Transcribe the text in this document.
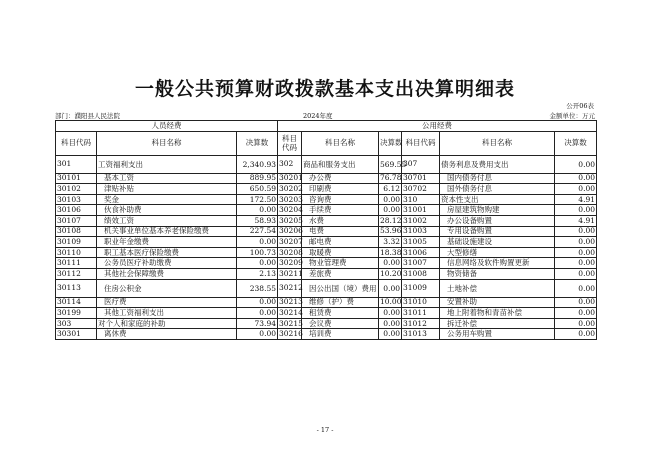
一般公共预算财政拨款基本支出决算明细表
公开06表
部门：濮阳县人民法院	2024年度	金额单位：万元
人员经费			公用经费					
科目代码	科目名称	决算数	科目代码	科目名称	决算数	科目代码	科目名称	决算数
301	工资福利支出	2,340.93	302	商品和服务支出	569.55	307	债务利息及费用支出	0.00
30101	基本工资	889.95	30201	办公费	76.78	30701	国内债务付息	0.00
30102	津贴补贴	650.59	30202	印刷费	6.12	30702	国外债务付息	0.00
30103	奖金	172.50	30203	咨询费	0.00	310	资本性支出	4.91
30106	伙食补助费	0.00	30204	手续费	0.00	31001	房屋建筑物购建	0.00
30107	绩效工资	58.93	30205	水费	28.12	31002	办公设备购置	4.91
30108	机关事业单位基本养老保险缴费	227.54	30206	电费	53.96	31003	专用设备购置	0.00
30109	职业年金缴费	0.00	30207	邮电费	3.32	31005	基础设施建设	0.00
30110	职工基本医疗保险缴费	100.73	30208	取暖费	18.38	31006	大型修缮	0.00
30111	公务员医疗补助缴费	0.00	30209	物业管理费	0.00	31007	信息网络及软件购置更新	0.00
30112	其他社会保障缴费	2.13	30211	差旅费	10.20	31008	物资储备	0.00
30113	住房公积金	238.55	30212	因公出国（境）费用	0.00	31009	土地补偿	0.00
30114	医疗费	0.00	30213	维修（护）费	10.00	31010	安置补助	0.00
30199	其他工资福利支出	0.00	30214	租赁费	0.00	31011	地上附着物和青苗补偿	0.00
303	对个人和家庭的补助	73.94	30215	会议费	0.00	31012	拆迁补偿	0.00
30301	离休费	0.00	30216	培训费	0.00	31013	公务用车购置	0.00
- 17 -
